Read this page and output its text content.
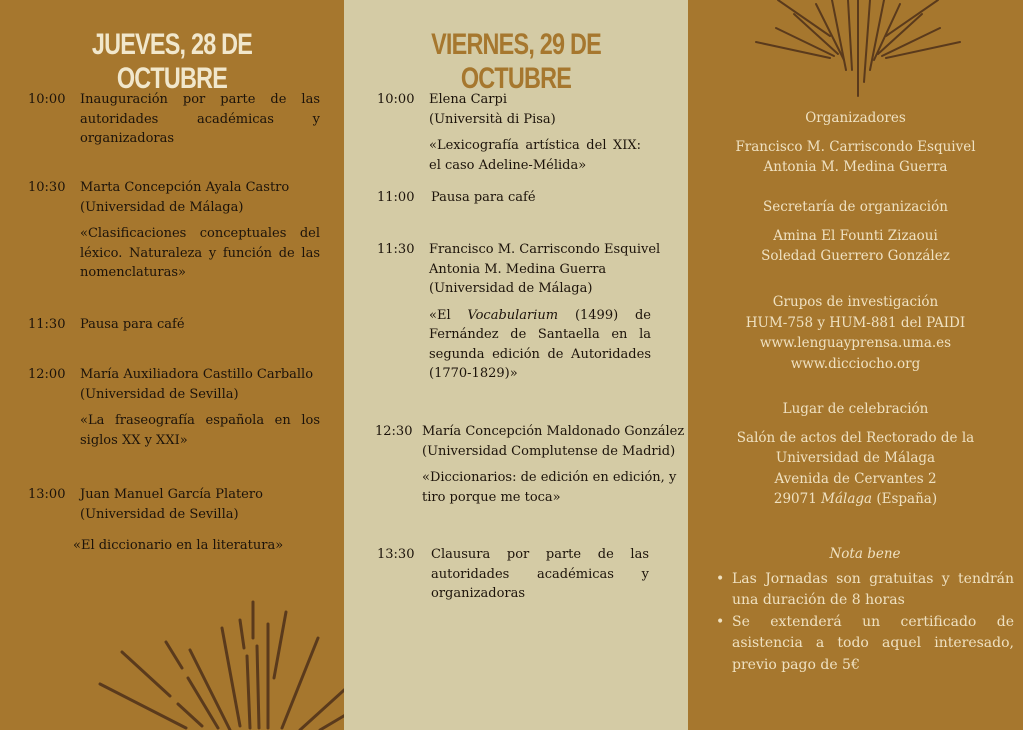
JUEVES, 28 DE OCTUBRE
10:00	Inauguración por parte de las autoridades académicas y organizadoras

10:30	Marta Concepción Ayala Castro

(Universidad de Málaga)

«Clasificaciones conceptuales del léxico. Naturaleza y función de las nomenclaturas»

11:30	Pausa para café

12:00	María Auxiliadora Castillo Carballo

(Universidad de Sevilla)

«La fraseografía española en los siglos XX y XXI»

13:00	Juan Manuel García Platero

(Universidad de Sevilla)

«El diccionario en la literatura»

VIERNES, 29 DE OCTUBRE
10:00	Elena Carpi

(Università di Pisa)

«Lexicografía artística del XIX: el caso Adeline-Mélida»

11:00	Pausa para café

11:30	Francisco M. Carriscondo Esquivel

Antonia M. Medina Guerra

(Universidad de Málaga)

«El Vocabularium (1499) de Fernández de Santaella en la segunda edición de Autoridades (1770-1829)»

12:30 María Concepción Maldonado González

(Universidad Complutense de Madrid)

«Diccionarios: de edición en edición, y tiro porque me toca»

13:30	Clausura por parte de las autoridades académicas y organizadoras

Organizadores

Francisco M. Carriscondo Esquivel

Antonia M. Medina Guerra

Secretaría de organización

Amina El Founti Zizaoui

Soledad Guerrero González

Grupos de investigación

HUM-758 y HUM-881 del PAIDI

www.lenguayprensa.uma.es

www.dicciocho.org

Lugar de celebración

Salón de actos del Rectorado de la

Universidad de Málaga

Avenida de Cervantes 2

29071 Málaga (España)

Nota bene

• Las Jornadas son gratuitas y tendrán una duración de 8 horas

• Se extenderá un certificado de asistencia a todo aquel interesado, previo pago de 5€
